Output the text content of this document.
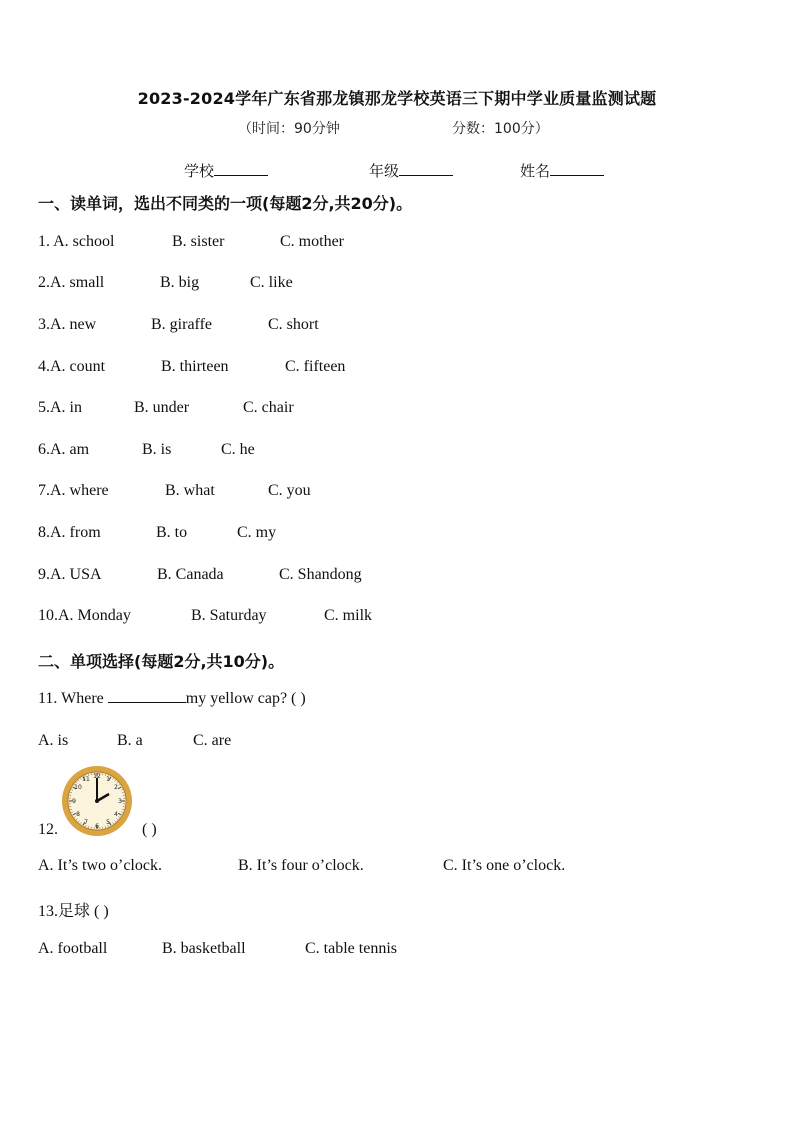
2023-2024学年广东省那龙镇那龙学校英语三下期中学业质量监测试题
（时间：90分钟	分数：100分）
学校	年级	姓名
一、读单词，选出不同类的一项(每题2分,共20分)。
1. A. school	B. sister	C. mother
2.A. small	B. big	C. like
3.A. new	B. giraffe	C. short
4.A. count	B. thirteen	C. fifteen
5.A. in	B. under	C. chair
6.A. am	B. is	C. he
7.A. where	B. what	C. you
8.A. from	B. to	C. my
9.A. USA	B. Canada	C. Shandong
10.A. Monday	B. Saturday	C. milk
二、单项选择(每题2分,共10分)。
11. Where	my yellow cap? ( )
A. is	B. a	C. are
12 1
2
3
4
5
6
7
8
9
10
11
12.	( )
A. It’s two o’clock.	B. It’s four o’clock.	C. It’s one o’clock.
13.足球 ( )
A. football	B. basketball	C. table tennis
